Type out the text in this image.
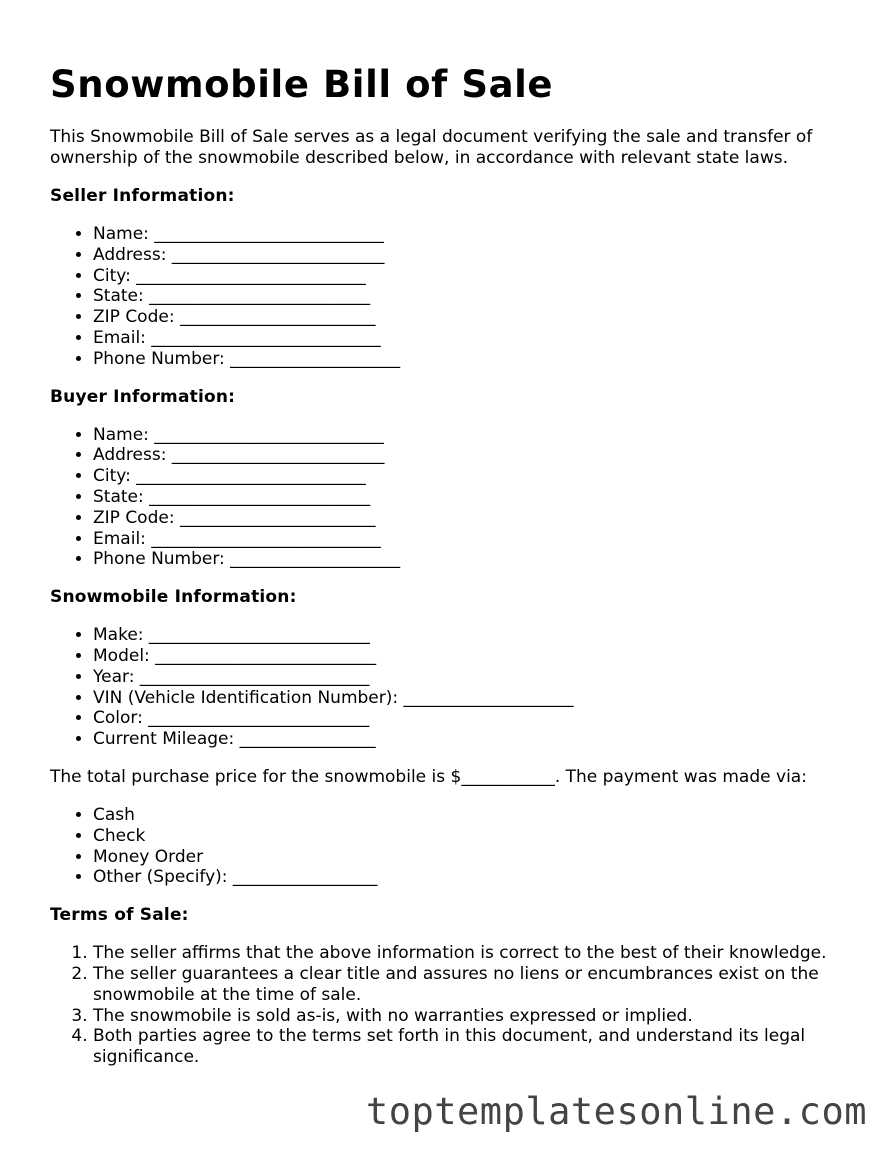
Snowmobile Bill of Sale

This Snowmobile Bill of Sale serves as a legal document verifying the sale and transfer of ownership of the snowmobile described below, in accordance with relevant state laws.

Seller Information:
• Name: ___________________________
• Address: _________________________
• City: ___________________________
• State: __________________________
• ZIP Code: _______________________
• Email: ___________________________
• Phone Number: ____________________
Buyer Information:
• Name: ___________________________
• Address: _________________________
• City: ___________________________
• State: __________________________
• ZIP Code: _______________________
• Email: ___________________________
• Phone Number: ____________________
Snowmobile Information:
• Make: __________________________
• Model: __________________________
• Year: ___________________________
• VIN (Vehicle Identification Number): ____________________
• Color: __________________________
• Current Mileage: ________________

The total purchase price for the snowmobile is $___________. The payment was made via:

• Cash
• Check
• Money Order
• Other (Specify): _________________
Terms of Sale:
1. The seller affirms that the above information is correct to the best of their knowledge.
2. The seller guarantees a clear title and assures no liens or encumbrances exist on the snowmobile at the time of sale.
3. The snowmobile is sold as-is, with no warranties expressed or implied.
4. Both parties agree to the terms set forth in this document, and understand its legal significance.
toptemplatesonline.com
